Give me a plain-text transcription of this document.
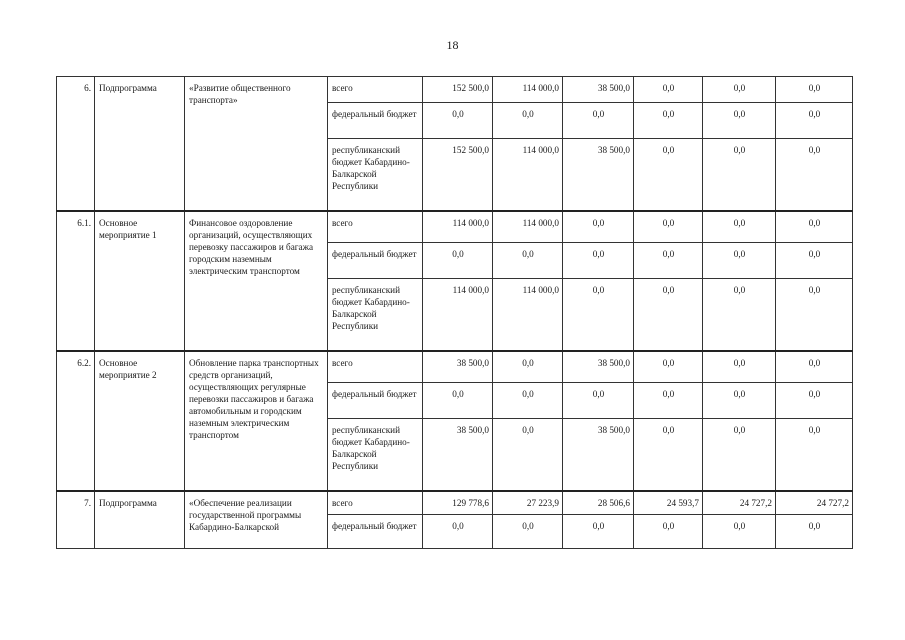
18
6.	Подпрограмма	«Развитие общественного транспорта»	всего	152 500,0	114 000,0	38 500,0	0,0	0,0	0,0
			федеральный бюджет	0,0	0,0	0,0	0,0	0,0	0,0
			республиканский бюджет Кабардино-Балкарской Республики	152 500,0	114 000,0	38 500,0	0,0	0,0	0,0
6.1.	Основное мероприятие 1	Финансовое оздоровление организаций, осуществляющих перевозку пассажиров и багажа городским наземным электрическим транспортом	всего	114 000,0	114 000,0	0,0	0,0	0,0	0,0
			федеральный бюджет	0,0	0,0	0,0	0,0	0,0	0,0
			республиканский бюджет Кабардино-Балкарской Республики	114 000,0	114 000,0	0,0	0,0	0,0	0,0
6.2.	Основное мероприятие 2	Обновление парка транспортных средств организаций, осуществляющих регулярные перевозки пассажиров и багажа автомобильным и городским наземным электрическим транспортом	всего	38 500,0	0,0	38 500,0	0,0	0,0	0,0
			федеральный бюджет	0,0	0,0	0,0	0,0	0,0	0,0
			республиканский бюджет Кабардино-Балкарской Республики	38 500,0	0,0	38 500,0	0,0	0,0	0,0
7.	Подпрограмма	«Обеспечение реализации государственной программы Кабардино-Балкарской	всего	129 778,6	27 223,9	28 506,6	24 593,7	24 727,2	24 727,2
			федеральный бюджет	0,0	0,0	0,0	0,0	0,0	0,0
